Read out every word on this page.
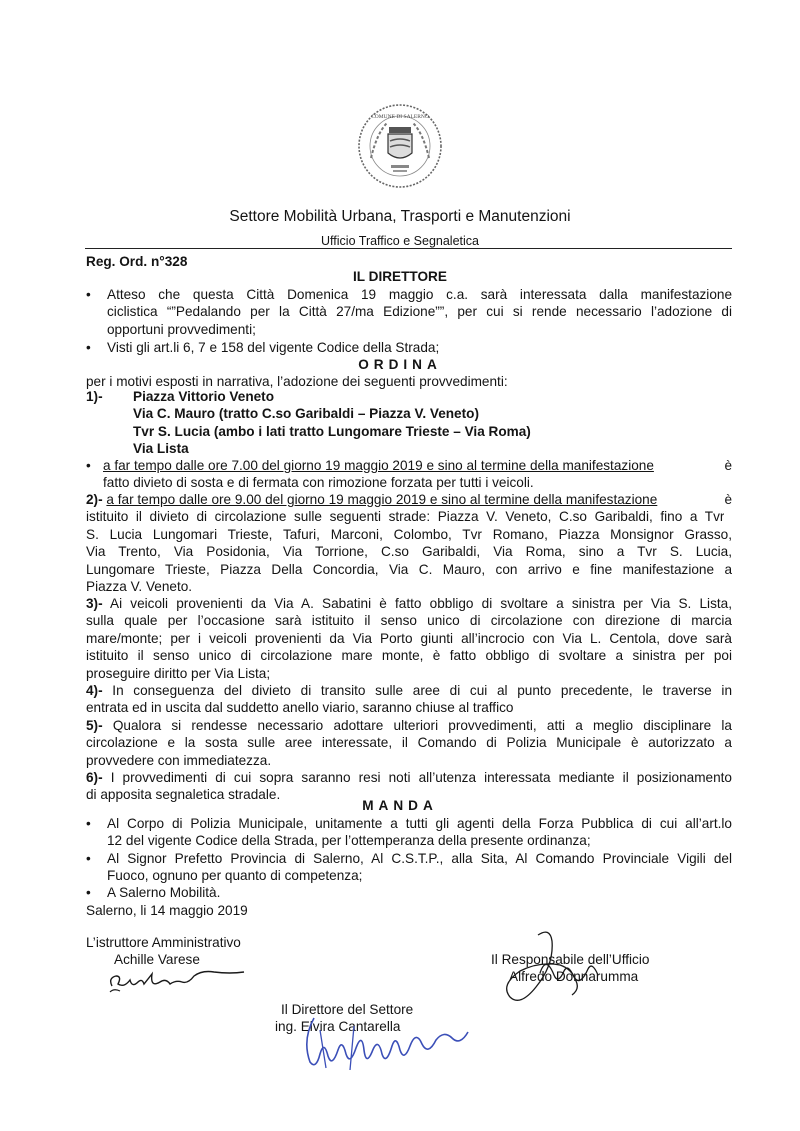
COMUNE DI SALERNO
Settore Mobilità Urbana, Trasporti e Manutenzioni
Ufficio Traffico e Segnaletica
Reg. Ord. n°328
IL DIRETTORE
•	Atteso che questa Città Domenica 19 maggio c.a. sarà interessata dalla manifestazione
ciclistica “”Pedalando per la Città 27/ma Edizione””, per cui si rende necessario l’adozione di
opportuni provvedimenti;
•	Visti gli art.li 6, 7 e 158 del vigente Codice della Strada;
ORDINA
per i motivi esposti in narrativa, l’adozione dei seguenti provvedimenti:
1)- Piazza Vittorio Veneto
Via C. Mauro (tratto C.so Garibaldi – Piazza V. Veneto)
Tvr S. Lucia (ambo i lati tratto Lungomare Trieste – Via Roma)
Via Lista
• a far tempo dalle ore 7.00 del giorno 19 maggio 2019 e sino al termine della manifestazione	è
fatto divieto di sosta e di fermata con rimozione forzata per tutti i veicoli.
2)- a far tempo dalle ore 9.00 del giorno 19 maggio 2019 e sino al termine della manifestazione	è
istituito il divieto di circolazione sulle seguenti strade: Piazza V. Veneto, C.so Garibaldi, fino a Tvr
S. Lucia Lungomari Trieste, Tafuri, Marconi, Colombo, Tvr Romano, Piazza Monsignor Grasso,
Via Trento, Via Posidonia, Via Torrione, C.so Garibaldi, Via Roma, sino a Tvr S. Lucia,
Lungomare Trieste, Piazza Della Concordia, Via C. Mauro, con arrivo e fine manifestazione a
Piazza V. Veneto.
3)- Ai veicoli provenienti da Via A. Sabatini è fatto obbligo di svoltare a sinistra per Via S. Lista,
sulla quale per l’occasione sarà istituito il senso unico di circolazione con direzione di marcia
mare/monte; per i veicoli provenienti da Via Porto giunti all’incrocio con Via L. Centola, dove sarà
istituito il senso unico di circolazione mare monte, è fatto obbligo di svoltare a sinistra per poi
proseguire diritto per Via Lista;
4)- In conseguenza del divieto di transito sulle aree di cui al punto precedente, le traverse in
entrata ed in uscita dal suddetto anello viario, saranno chiuse al traffico
5)- Qualora si rendesse necessario adottare ulteriori provvedimenti, atti a meglio disciplinare la
circolazione e la sosta sulle aree interessate, il Comando di Polizia Municipale è autorizzato a
provvedere con immediatezza.
6)- I provvedimenti di cui sopra saranno resi noti all’utenza interessata mediante il posizionamento
di apposita segnaletica stradale.
MANDA
•	Al Corpo di Polizia Municipale, unitamente a tutti gli agenti della Forza Pubblica di cui all’art.lo
12 del vigente Codice della Strada, per l’ottemperanza della presente ordinanza;
•	Al Signor Prefetto Provincia di Salerno, Al C.S.T.P., alla Sita, Al Comando Provinciale Vigili del
Fuoco, ognuno per quanto di competenza;
•	A Salerno Mobilità.
Salerno, li 14 maggio 2019
L’istruttore Amministrativo
Achille Varese	Il Responsabile dell’Ufficio
Alfredo Donnarumma
Il Direttore del Settore
ing. Elvira Cantarella
